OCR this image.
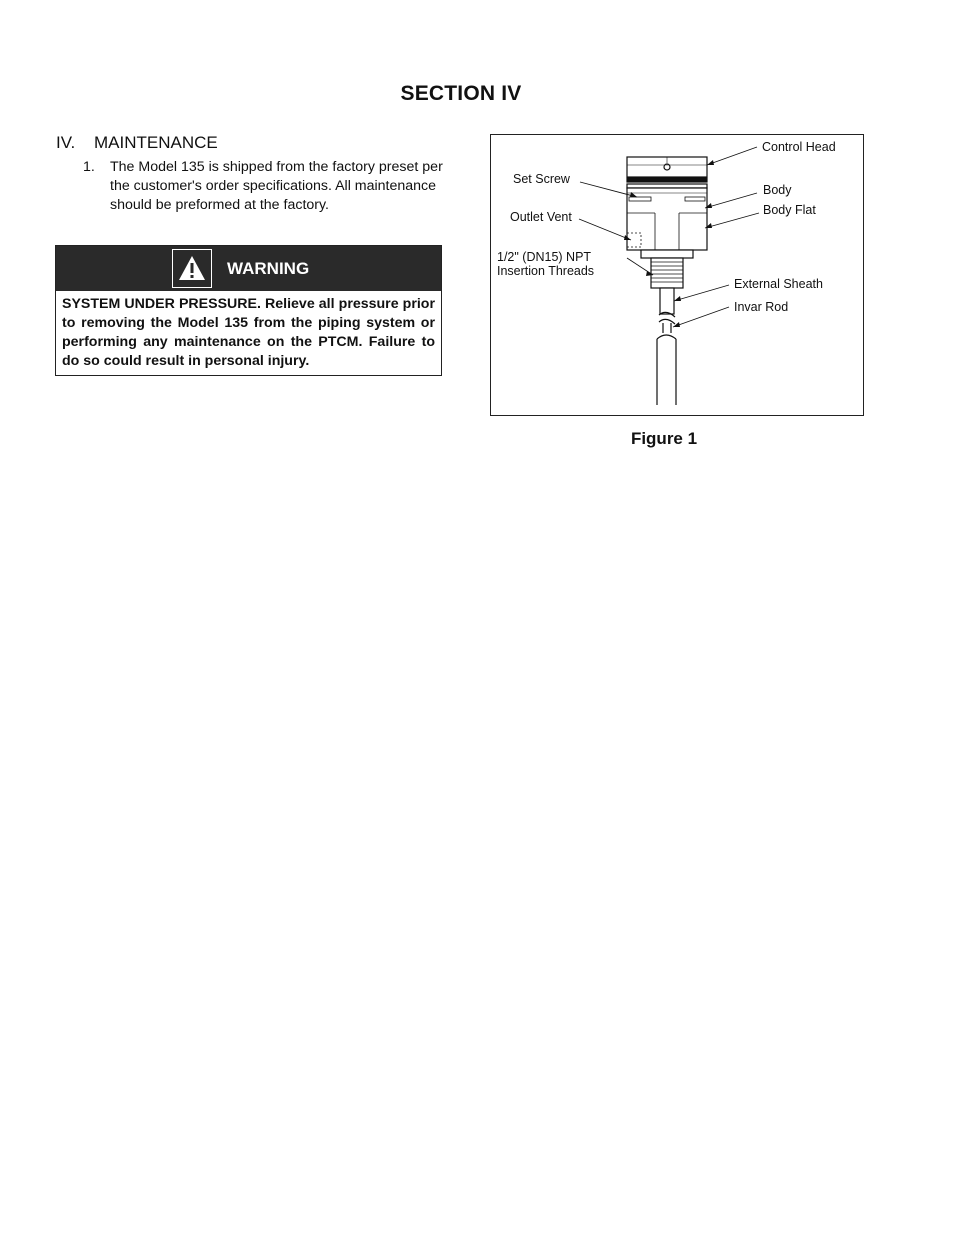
SECTION IV
IV. MAINTENANCE
1. The Model 135 is shipped from the factory preset per the customer's order specifications. All maintenance should be preformed at the factory.
WARNING
SYSTEM UNDER PRESSURE. Relieve all pressure prior to removing the Model 135 from the piping system or performing any maintenance on the PTCM. Failure to do so could result in personal injury.
Control Head
Set Screw
Body
Body Flat
Outlet Vent
1/2" (DN15) NPT
Insertion Threads
External Sheath
Invar Rod
Figure 1
